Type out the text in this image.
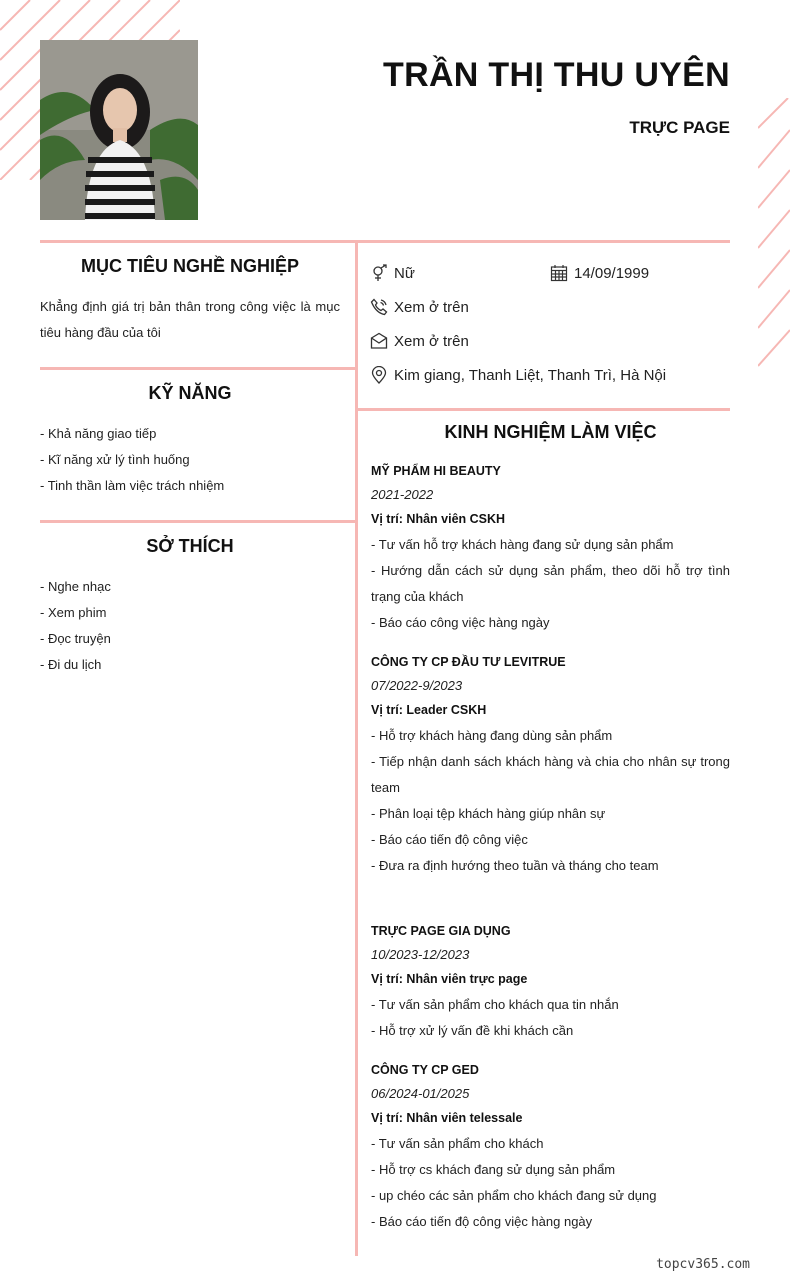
TRẦN THỊ THU UYÊN
TRỰC PAGE
MỤC TIÊU NGHỀ NGHIỆP
Khẳng định giá trị bản thân trong công việc là mục tiêu hàng đầu của tôi
KỸ NĂNG
- Khả năng giao tiếp
- Kĩ năng xử lý tình huống
- Tinh thần làm việc trách nhiệm
SỞ THÍCH
- Nghe nhạc
- Xem phim
- Đọc truyện
- Đi du lịch
Nữ	14/09/1999
Xem ở trên
Xem ở trên
Kim giang, Thanh Liệt, Thanh Trì, Hà Nội
KINH NGHIỆM LÀM VIỆC
MỸ PHẨM HI BEAUTY
2021-2022
Vị trí: Nhân viên CSKH
- Tư vấn hỗ trợ khách hàng đang sử dụng sản phẩm
- Hướng dẫn cách sử dụng sản phẩm, theo dõi hỗ trợ tình trạng của khách
- Báo cáo công việc hàng ngày
CÔNG TY CP ĐẦU TƯ LEVITRUE
07/2022-9/2023
Vị trí: Leader CSKH
- Hỗ trợ khách hàng đang dùng sản phẩm
- Tiếp nhận danh sách khách hàng và chia cho nhân sự trong team
- Phân loại tệp khách hàng giúp nhân sự
- Báo cáo tiến độ công việc
- Đưa ra định hướng theo tuần và tháng cho team
TRỰC PAGE GIA DỤNG
10/2023-12/2023
Vị trí: Nhân viên trực page
- Tư vấn sản phẩm cho khách qua tin nhắn
- Hỗ trợ xử lý vấn đề khi khách cần
CÔNG TY CP GED
06/2024-01/2025
Vị trí: Nhân viên telessale
- Tư vấn sản phẩm cho khách
- Hỗ trợ cs khách đang sử dụng sản phẩm
- up chéo các sản phẩm cho khách đang sử dụng
- Báo cáo tiến độ công việc hàng ngày
topcv365.com
